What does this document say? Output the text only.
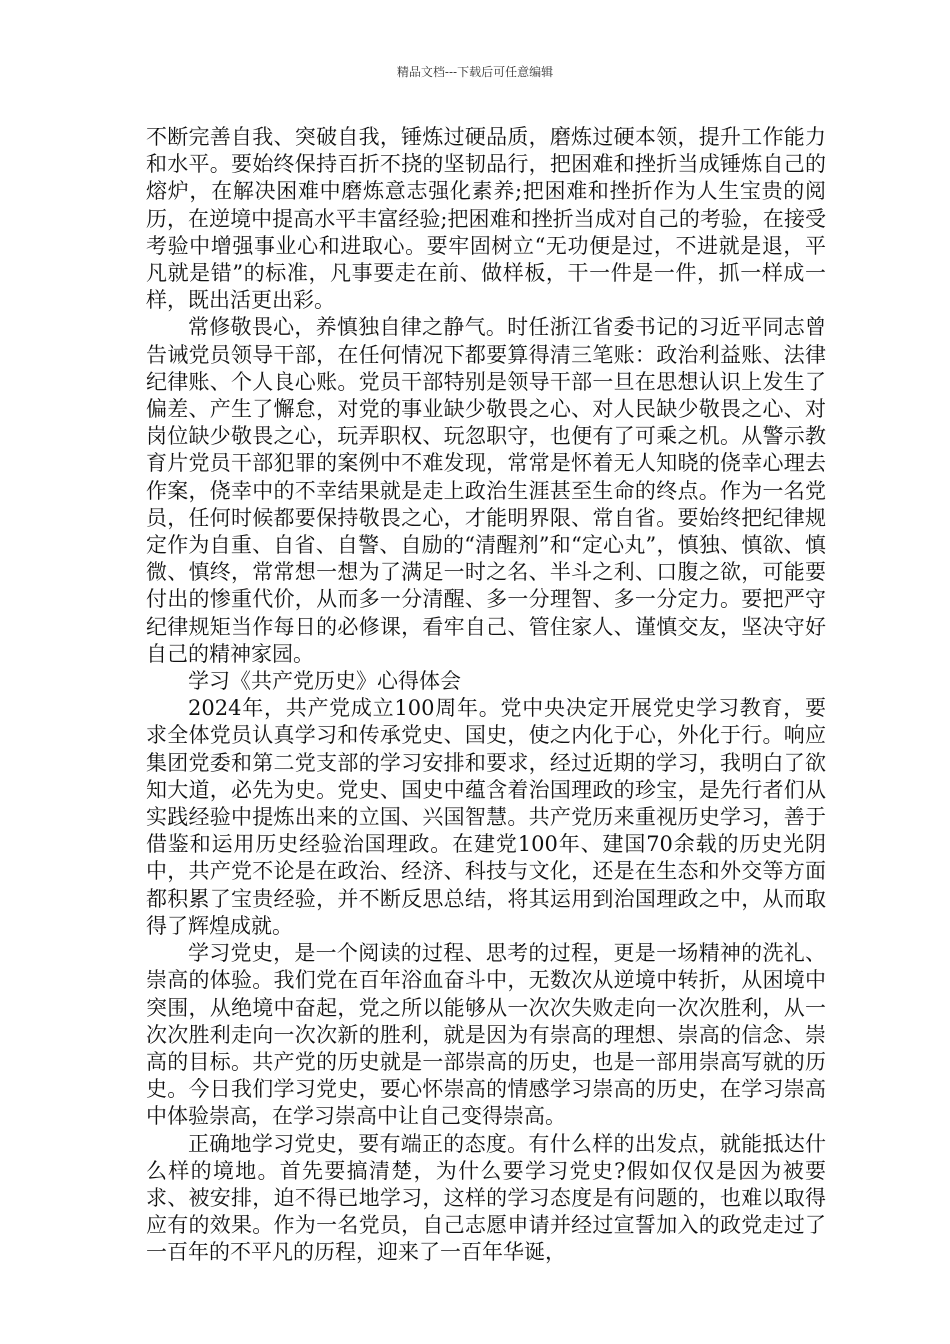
精品文档---下载后可任意编辑

不断完善自我、突破自我，锤炼过硬品质，磨炼过硬本领，提升工作能力和水平。要始终保持百折不挠的坚韧品行，把困难和挫折当成锤炼自己的熔炉，在解决困难中磨炼意志强化素养;把困难和挫折作为人生宝贵的阅历，在逆境中提高水平丰富经验;把困难和挫折当成对自己的考验，在接受考验中增强事业心和进取心。要牢固树立“无功便是过，不进就是退，平凡就是错”的标准，凡事要走在前、做样板，干一件是一件，抓一样成一样，既出活更出彩。

常修敬畏心，养慎独自律之静气。时任浙江省委书记的习近平同志曾告诫党员领导干部，在任何情况下都要算得清三笔账：政治利益账、法律纪律账、个人良心账。党员干部特别是领导干部一旦在思想认识上发生了偏差、产生了懈怠，对党的事业缺少敬畏之心、对人民缺少敬畏之心、对岗位缺少敬畏之心，玩弄职权、玩忽职守，也便有了可乘之机。从警示教育片党员干部犯罪的案例中不难发现，常常是怀着无人知晓的侥幸心理去作案，侥幸中的不幸结果就是走上政治生涯甚至生命的终点。作为一名党员，任何时候都要保持敬畏之心，才能明界限、常自省。要始终把纪律规定作为自重、自省、自警、自励的“清醒剂”和“定心丸”，慎独、慎欲、慎微、慎终，常常想一想为了满足一时之名、半斗之利、口腹之欲，可能要付出的惨重代价，从而多一分清醒、多一分理智、多一分定力。要把严守纪律规矩当作每日的必修课，看牢自己、管住家人、谨慎交友，坚决守好自己的精神家园。

学习《共产党历史》心得体会

2024年，共产党成立100周年。党中央决定开展党史学习教育，要求全体党员认真学习和传承党史、国史，使之内化于心，外化于行。响应集团党委和第二党支部的学习安排和要求，经过近期的学习，我明白了欲知大道，必先为史。党史、国史中蕴含着治国理政的珍宝，是先行者们从实践经验中提炼出来的立国、兴国智慧。共产党历来重视历史学习，善于借鉴和运用历史经验治国理政。在建党100年、建国70余载的历史光阴中，共产党不论是在政治、经济、科技与文化，还是在生态和外交等方面都积累了宝贵经验，并不断反思总结，将其运用到治国理政之中，从而取得了辉煌成就。

学习党史，是一个阅读的过程、思考的过程，更是一场精神的洗礼、崇高的体验。我们党在百年浴血奋斗中，无数次从逆境中转折，从困境中突围，从绝境中奋起，党之所以能够从一次次失败走向一次次胜利，从一次次胜利走向一次次新的胜利，就是因为有崇高的理想、崇高的信念、崇高的目标。共产党的历史就是一部崇高的历史，也是一部用崇高写就的历史。今日我们学习党史，要心怀崇高的情感学习崇高的历史，在学习崇高中体验崇高，在学习崇高中让自己变得崇高。

正确地学习党史，要有端正的态度。有什么样的出发点，就能抵达什么样的境地。首先要搞清楚，为什么要学习党史?假如仅仅是因为被要求、被安排，迫不得已地学习，这样的学习态度是有问题的，也难以取得应有的效果。作为一名党员，自己志愿申请并经过宣誓加入的政党走过了一百年的不平凡的历程，迎来了一百年华诞，
